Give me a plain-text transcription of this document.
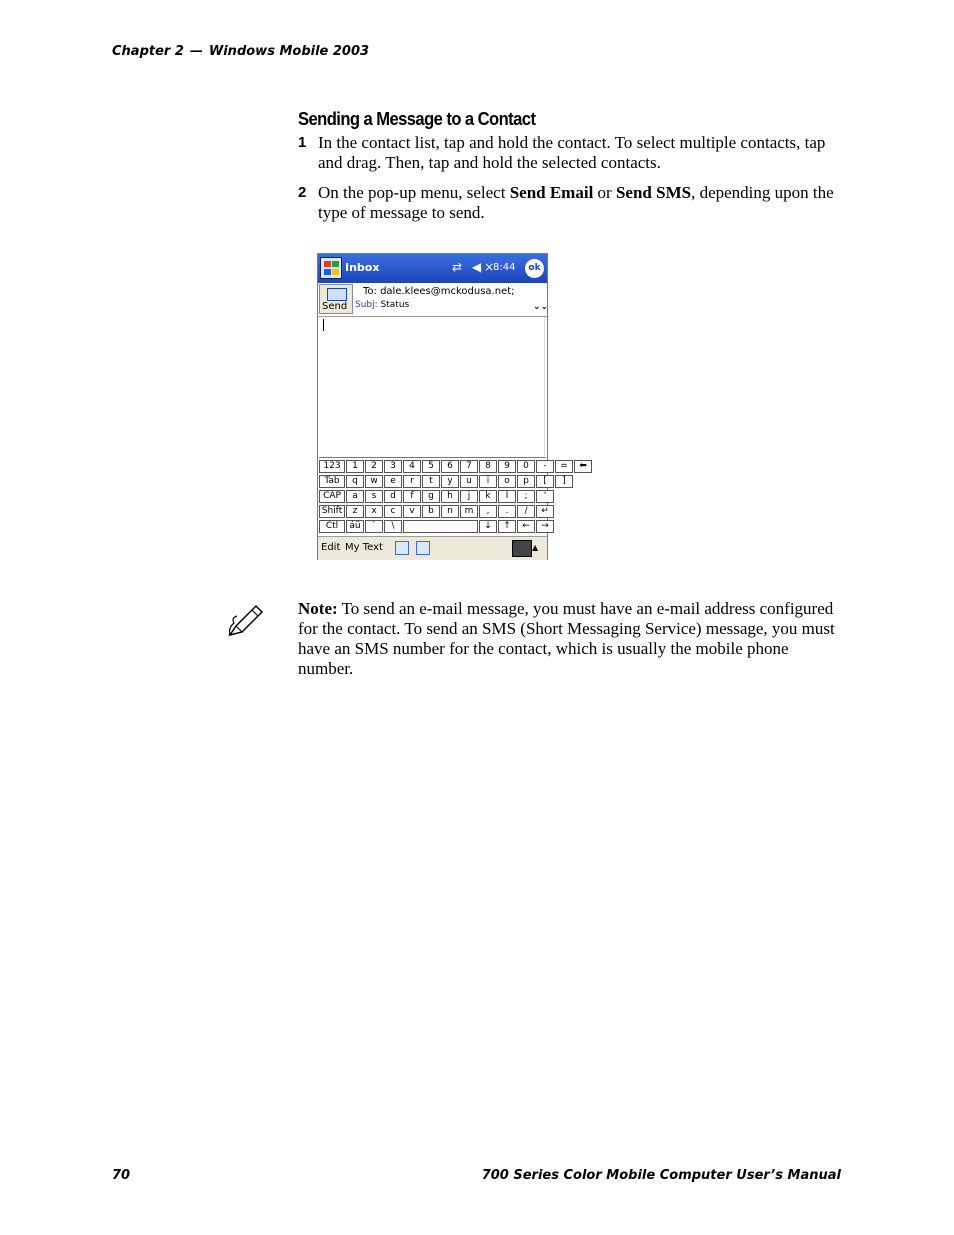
Chapter 2 — Windows Mobile 2003
Sending a Message to a Contact
1 In the contact list, tap and hold the contact. To select multiple contacts, tap and drag. Then, tap and hold the selected contacts.
2 On the pop-up menu, select Send Email or Send SMS, depending upon the type of message to send.
Inbox	⇄ ◀×
8:44	ok
Send
To: dale.klees@mckodusa.net;
Subj: Status	⌄⌄
123	1	2	3	4	5	6	7	8	9	0	-	=	⬅
Tab	q	w	e	r	t	y	u	i	o	p	[	]
CAP	a	s	d	f	g	h	j	k	l	;	'
Shift	z	x	c	v	b	n	m	,	.	/	↵
Ctl	áü	`	\	↓	↑	←	→
Edit My Text	▲
Note: To send an e-mail message, you must have an e-mail address configured for the contact. To send an SMS (Short Messaging Service) message, you must have an SMS number for the contact, which is usually the mobile phone number.
70	700 Series Color Mobile Computer User’s Manual
